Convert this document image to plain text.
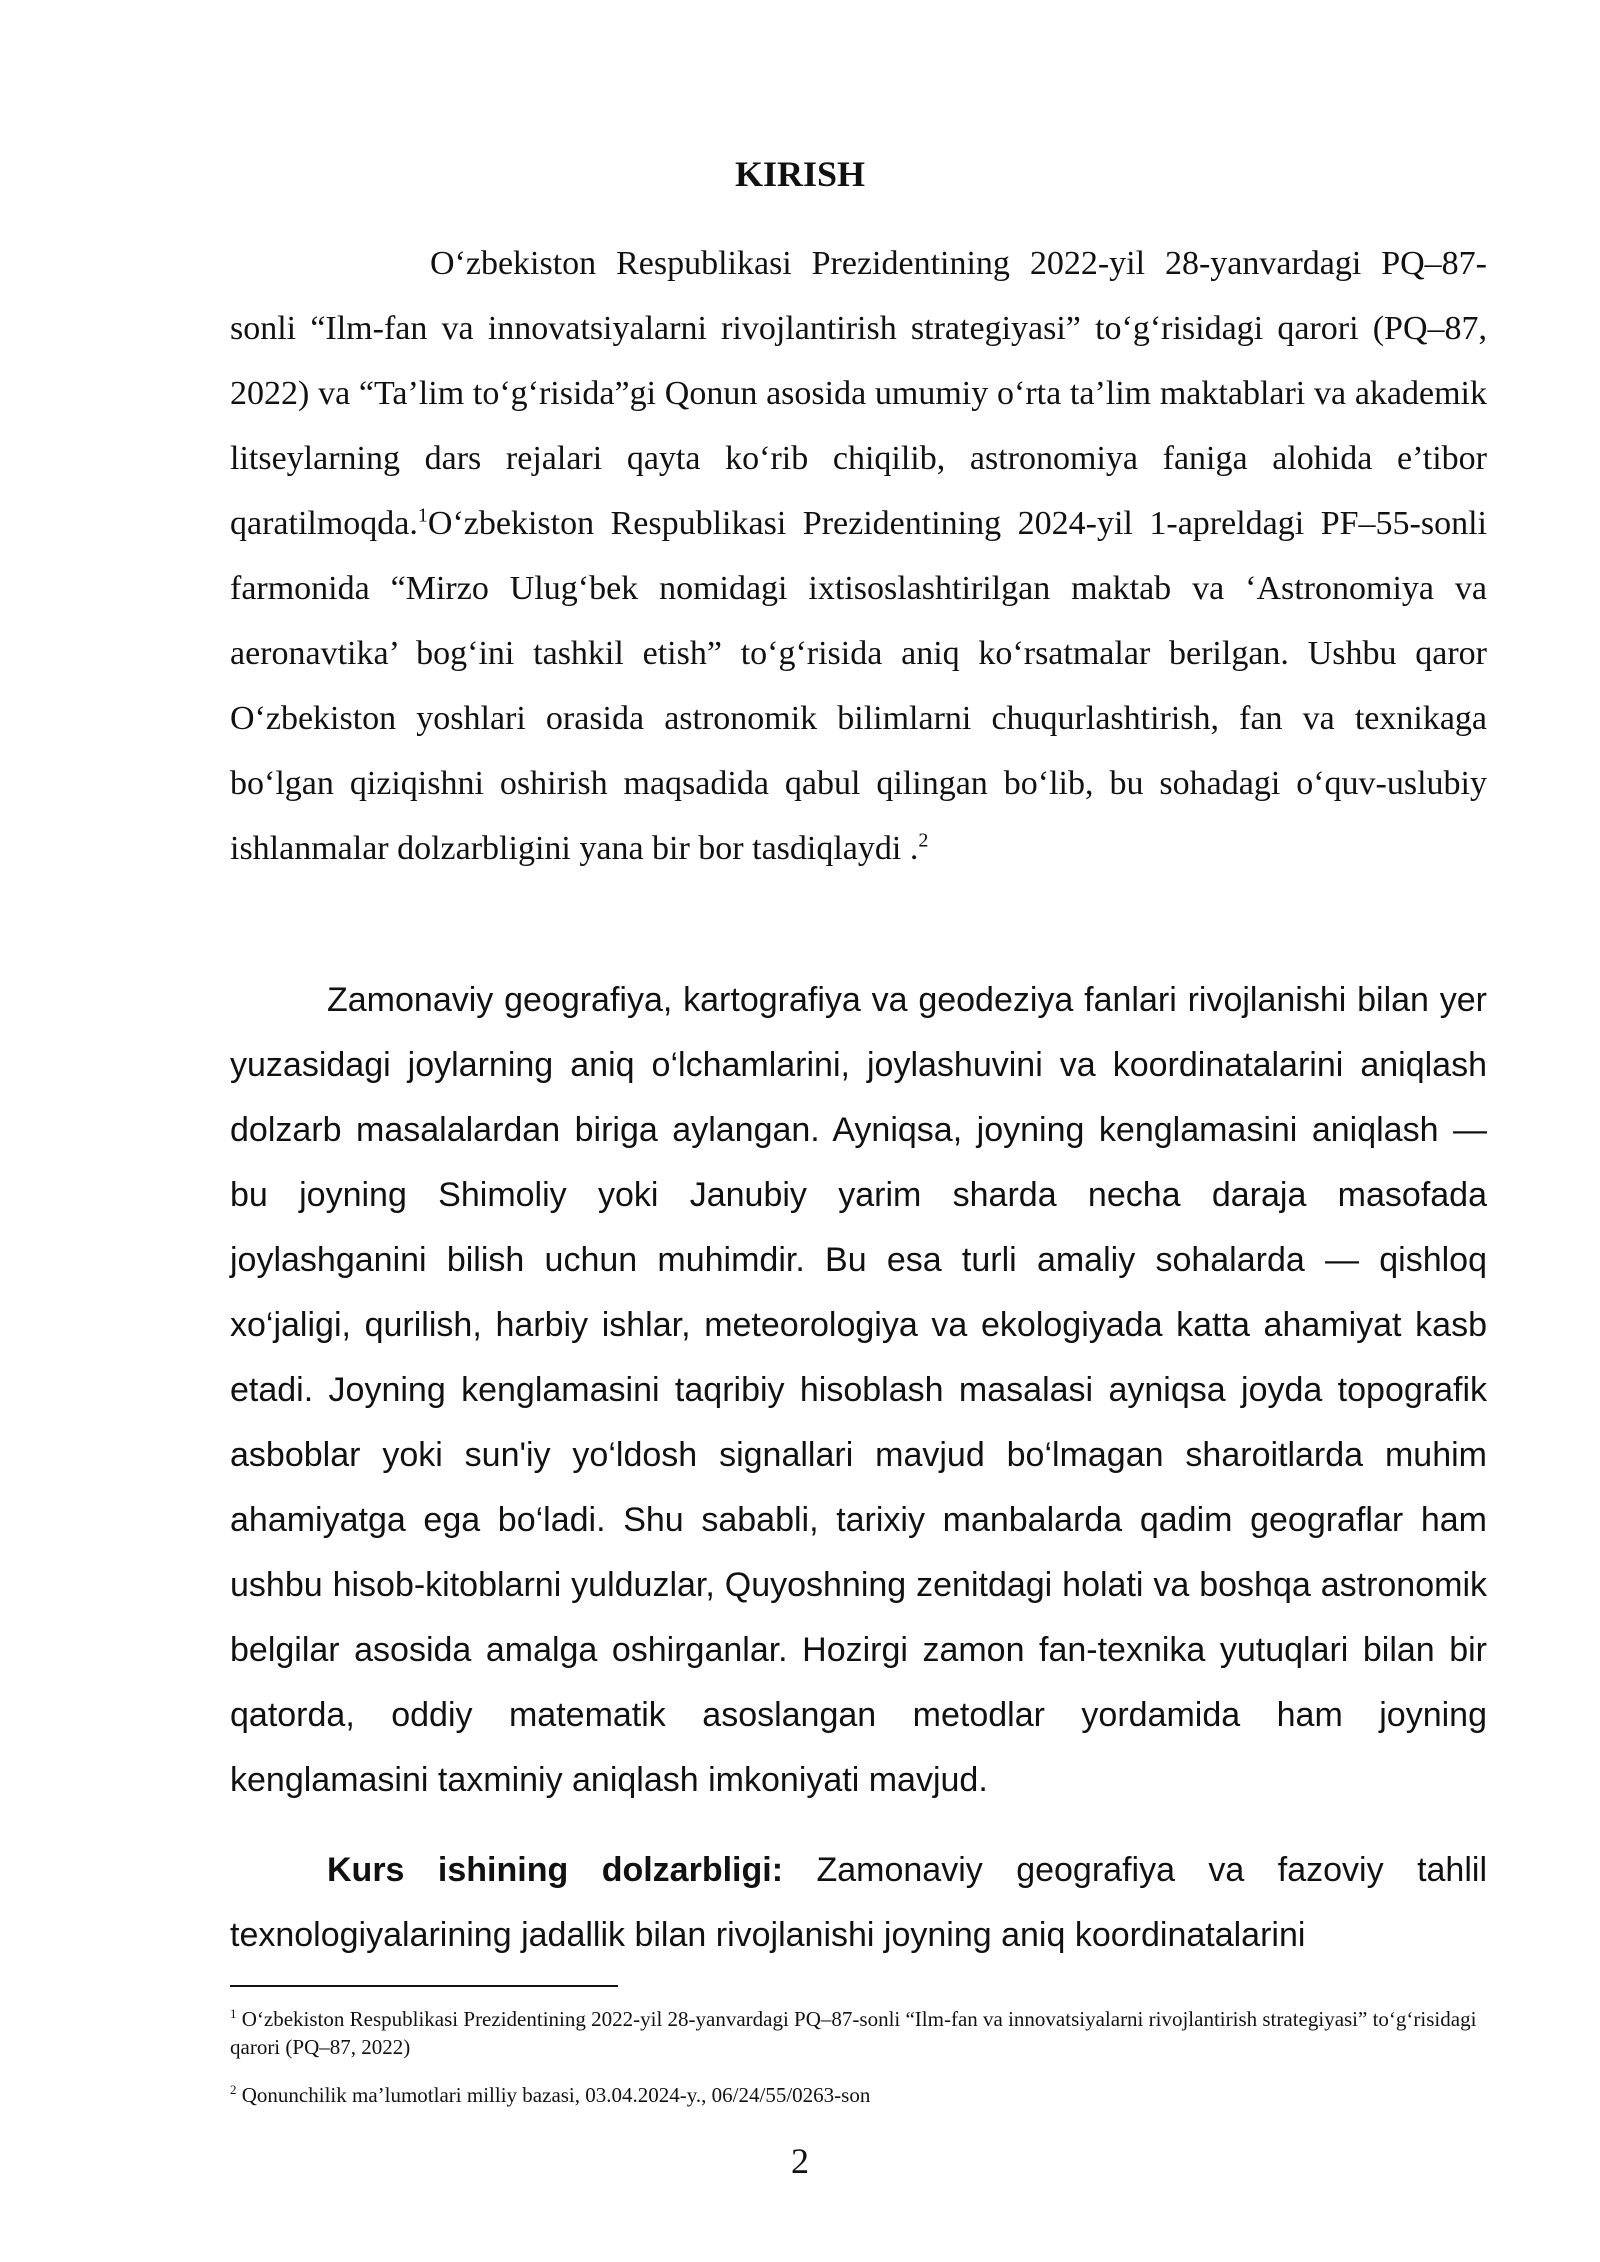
KIRISH

O‘zbekiston Respublikasi Prezidentining 2022-yil 28-yanvardagi PQ–87-sonli “Ilm-fan va innovatsiyalarni rivojlantirish strategiyasi” to‘g‘risidagi qarori (PQ–87, 2022) va “Ta’lim to‘g‘risida”gi Qonun asosida umumiy o‘rta ta’lim maktablari va akademik litseylarning dars rejalari qayta ko‘rib chiqilib, astronomiya faniga alohida e’tibor qaratilmoqda.$^1$O‘zbekiston Respublikasi Prezidentining 2024-yil 1-apreldagi PF–55-sonli farmonida “Mirzo Ulug‘bek nomidagi ixtisoslashtirilgan maktab va ‘Astronomiya va aeronavtika’ bog‘ini tashkil etish” to‘g‘risida aniq ko‘rsatmalar berilgan. Ushbu qaror O‘zbekiston yoshlari orasida astronomik bilimlarni chuqurlashtirish, fan va texnikaga bo‘lgan qiziqishni oshirish maqsadida qabul qilingan bo‘lib, bu sohadagi o‘quv-uslubiy ishlanmalar dolzarbligini yana bir bor tasdiqlaydi .$^2$

Zamonaviy geografiya, kartografiya va geodeziya fanlari rivojlanishi bilan yer yuzasidagi joylarning aniq o‘lchamlarini, joylashuvini va koordinatalarini aniqlash dolzarb masalalardan biriga aylangan. Ayniqsa, joyning kenglamasini aniqlash — bu joyning Shimoliy yoki Janubiy yarim sharda necha daraja masofada joylashganini bilish uchun muhimdir. Bu esa turli amaliy sohalarda — qishloq xo‘jaligi, qurilish, harbiy ishlar, meteorologiya va ekologiyada katta ahamiyat kasb etadi. Joyning kenglamasini taqribiy hisoblash masalasi ayniqsa joyda topografik asboblar yoki sun'iy yo‘ldosh signallari mavjud bo‘lmagan sharoitlarda muhim ahamiyatga ega bo‘ladi. Shu sababli, tarixiy manbalarda qadim geograflar ham ushbu hisob-kitoblarni yulduzlar, Quyoshning zenitdagi holati va boshqa astronomik belgilar asosida amalga oshirganlar. Hozirgi zamon fan-texnika yutuqlari bilan bir qatorda, oddiy matematik asoslangan metodlar yordamida ham joyning kenglamasini taxminiy aniqlash imkoniyati mavjud.

Kurs ishining dolzarbligi: Zamonaviy geografiya va fazoviy tahlil texnologiyalarining jadallik bilan rivojlanishi joyning aniq koordinatalarini

$^1$ O‘zbekiston Respublikasi Prezidentining 2022-yil 28-yanvardagi PQ–87-sonli “Ilm-fan va innovatsiyalarni rivojlantirish strategiyasi” to‘g‘risidagi qarori (PQ–87, 2022)
$^2$ Qonunchilik ma’lumotlari milliy bazasi, 03.04.2024-y., 06/24/55/0263-son
2
